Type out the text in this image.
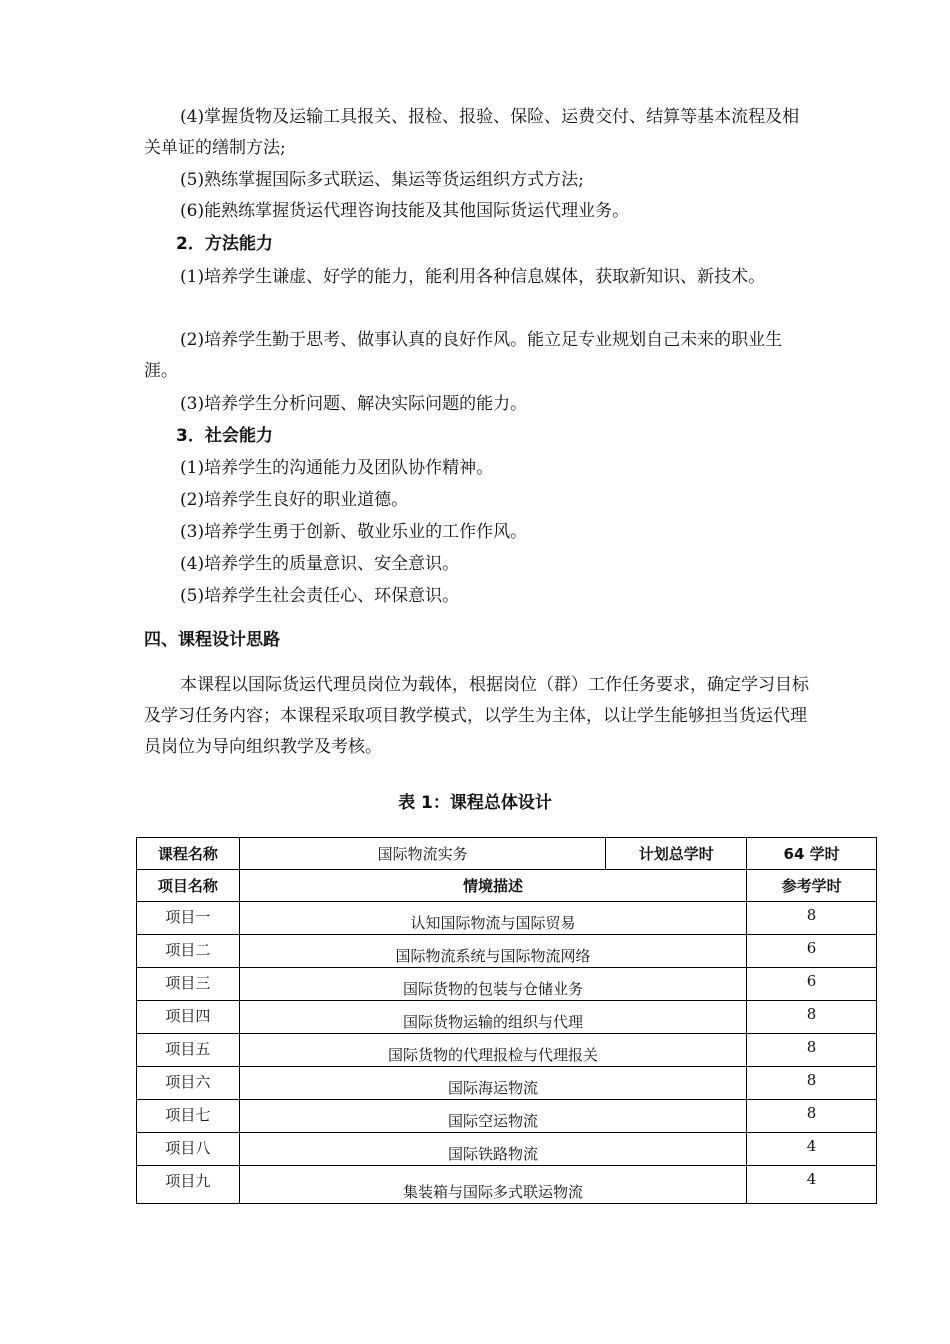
(4)掌握货物及运输工具报关、报检、报验、保险、运费交付、结算等基本流程及相关单证的缮制方法;

(5)熟练掌握国际多式联运、集运等货运组织方式方法;

(6)能熟练掌握货运代理咨询技能及其他国际货运代理业务。

2．方法能力

(1)培养学生谦虚、好学的能力，能利用各种信息媒体，获取新知识、新技术。

(2)培养学生勤于思考、做事认真的良好作风。能立足专业规划自己未来的职业生涯。

(3)培养学生分析问题、解决实际问题的能力。

3．社会能力

(1)培养学生的沟通能力及团队协作精神。

(2)培养学生良好的职业道德。

(3)培养学生勇于创新、敬业乐业的工作作风。

(4)培养学生的质量意识、安全意识。

(5)培养学生社会责任心、环保意识。

四、课程设计思路

本课程以国际货运代理员岗位为载体，根据岗位（群）工作任务要求，确定学习目标及学习任务内容；本课程采取项目教学模式，以学生为主体，以让学生能够担当货运代理员岗位为导向组织教学及考核。

表 1：课程总体设计

课程名称	国际物流实务	计划总学时	64 学时
项目名称	情境描述		参考学时
项目一	认知国际物流与国际贸易		8
项目二	国际物流系统与国际物流网络		6
项目三	国际货物的包装与仓储业务		6
项目四	国际货物运输的组织与代理		8
项目五	国际货物的代理报检与代理报关		8
项目六	国际海运物流		8
项目七	国际空运物流		8
项目八	国际铁路物流		4
项目九	集装箱与国际多式联运物流		4
